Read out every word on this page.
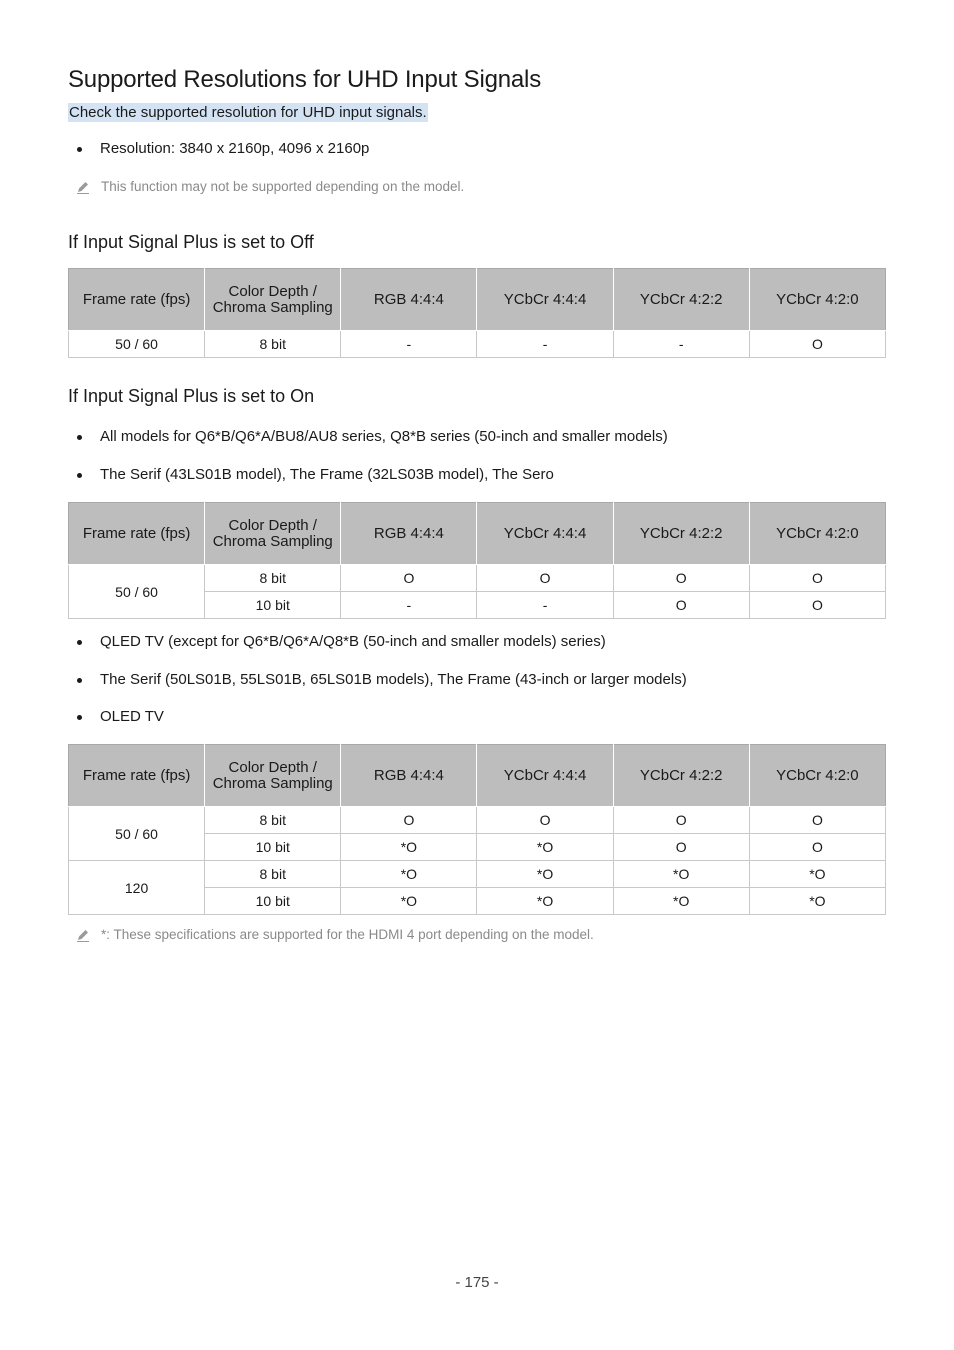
Supported Resolutions for UHD Input Signals
Check the supported resolution for UHD input signals.
Resolution: 3840 x 2160p, 4096 x 2160p
This function may not be supported depending on the model.
If Input Signal Plus is set to Off
Frame rate (fps)	Color Depth / Chroma Sampling	RGB 4:4:4	YCbCr 4:4:4	YCbCr 4:2:2	YCbCr 4:2:0
50 / 60	8 bit	-	-	-	O
If Input Signal Plus is set to On
All models for Q6*B/Q6*A/BU8/AU8 series, Q8*B series (50-inch and smaller models)
The Serif (43LS01B model), The Frame (32LS03B model), The Sero
Frame rate (fps)	Color Depth / Chroma Sampling	RGB 4:4:4	YCbCr 4:4:4	YCbCr 4:2:2	YCbCr 4:2:0
50 / 60	8 bit	O	O	O	O
	10 bit	-	-	O	O
QLED TV (except for Q6*B/Q6*A/Q8*B (50-inch and smaller models) series)
The Serif (50LS01B, 55LS01B, 65LS01B models), The Frame (43-inch or larger models)
OLED TV
Frame rate (fps)	Color Depth / Chroma Sampling	RGB 4:4:4	YCbCr 4:4:4	YCbCr 4:2:2	YCbCr 4:2:0
50 / 60	8 bit	O	O	O	O
	10 bit	*O	*O	O	O
120	8 bit	*O	*O	*O	*O
	10 bit	*O	*O	*O	*O
*: These specifications are supported for the HDMI 4 port depending on the model.
- 175 -
